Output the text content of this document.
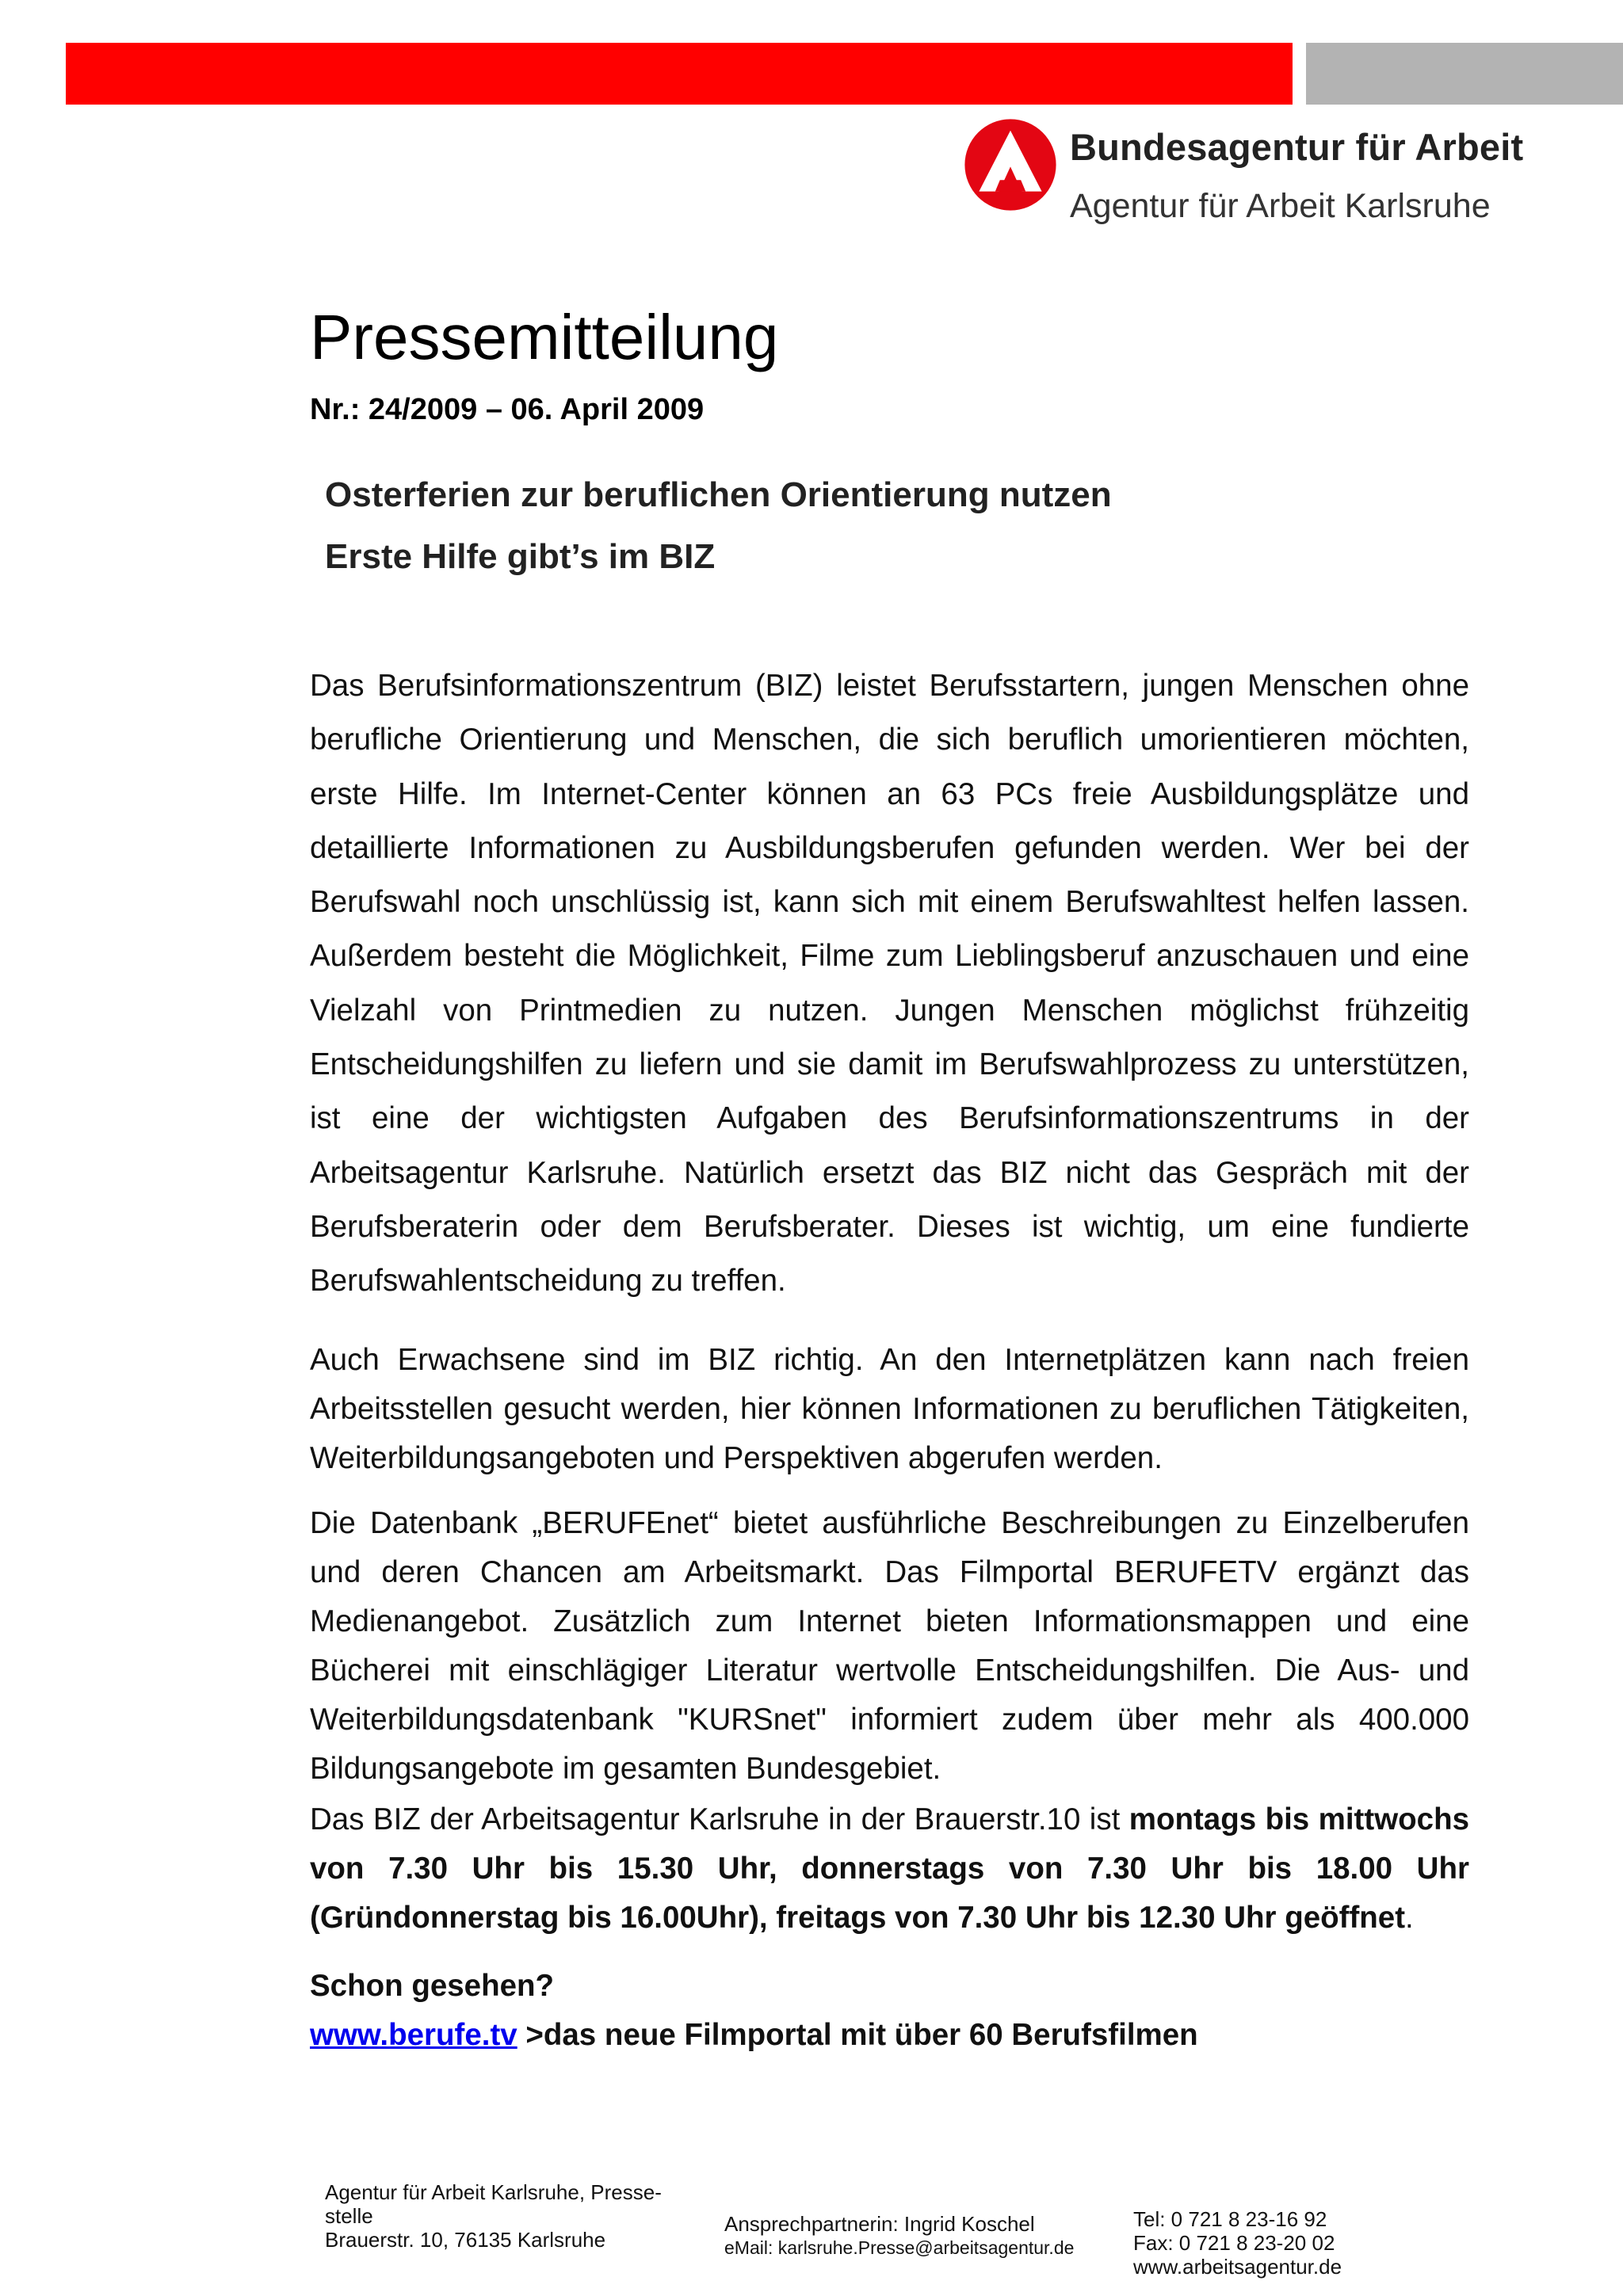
Bundesagentur für Arbeit
Agentur für Arbeit Karlsruhe
Pressemitteilung
Nr.: 24/2009 – 06. April 2009
Osterferien zur beruflichen Orientierung nutzen
Erste Hilfe gibt’s im BIZ

Das Berufsinformationszentrum (BIZ) leistet Berufsstartern, jungen Menschen ohne berufliche Orientierung und Menschen, die sich beruflich umorientieren möchten, erste Hilfe. Im Internet-Center können an 63 PCs freie Ausbildungsplätze und detaillierte Informationen zu Ausbildungsberufen gefunden werden. Wer bei der Berufswahl noch unschlüssig ist, kann sich mit einem Berufswahltest helfen lassen. Außerdem besteht die Möglichkeit, Filme zum Lieblingsberuf anzuschauen und eine Vielzahl von Printmedien zu nutzen. Jungen Menschen möglichst frühzeitig Entscheidungshilfen zu liefern und sie damit im Berufswahlprozess zu unterstützen, ist eine der wichtigsten Aufgaben des Berufsinformationszentrums in der Arbeitsagentur Karlsruhe. Natürlich ersetzt das BIZ nicht das Gespräch mit der Berufsberaterin oder dem Berufsberater. Dieses ist wichtig, um eine fundierte Berufswahlentscheidung zu treffen.

Auch Erwachsene sind im BIZ richtig. An den Internetplätzen kann nach freien Arbeitsstellen gesucht werden, hier können Informationen zu beruflichen Tätigkeiten, Weiterbildungsangeboten und Perspektiven abgerufen werden.

Die Datenbank „BERUFEnet“ bietet ausführliche Beschreibungen zu Einzelberufen und deren Chancen am Arbeitsmarkt. Das Filmportal BERUFETV ergänzt das Medienangebot. Zusätzlich zum Internet bieten Informationsmappen und eine Bücherei mit einschlägiger Literatur wertvolle Entscheidungshilfen. Die Aus- und Weiterbildungsdatenbank "KURSnet" informiert zudem über mehr als 400.000 Bildungsangebote im gesamten Bundesgebiet.

Das BIZ der Arbeitsagentur Karlsruhe in der Brauerstr.10 ist montags bis mittwochs von 7.30 Uhr bis 15.30 Uhr, donnerstags von 7.30 Uhr bis 18.00 Uhr (Gründonnerstag bis 16.00Uhr), freitags von 7.30 Uhr bis 12.30 Uhr geöffnet.

Schon gesehen?

www.berufe.tv >das neue Filmportal mit über 60 Berufsfilmen

Agentur für Arbeit Karlsruhe, Presse-
stelle
Brauerstr. 10, 76135 Karlsruhe
Ansprechpartnerin: Ingrid Koschel
eMail: karlsruhe.Presse@arbeitsagentur.de
Tel: 0 721 8 23-16 92
Fax: 0 721 8 23-20 02
www.arbeitsagentur.de
